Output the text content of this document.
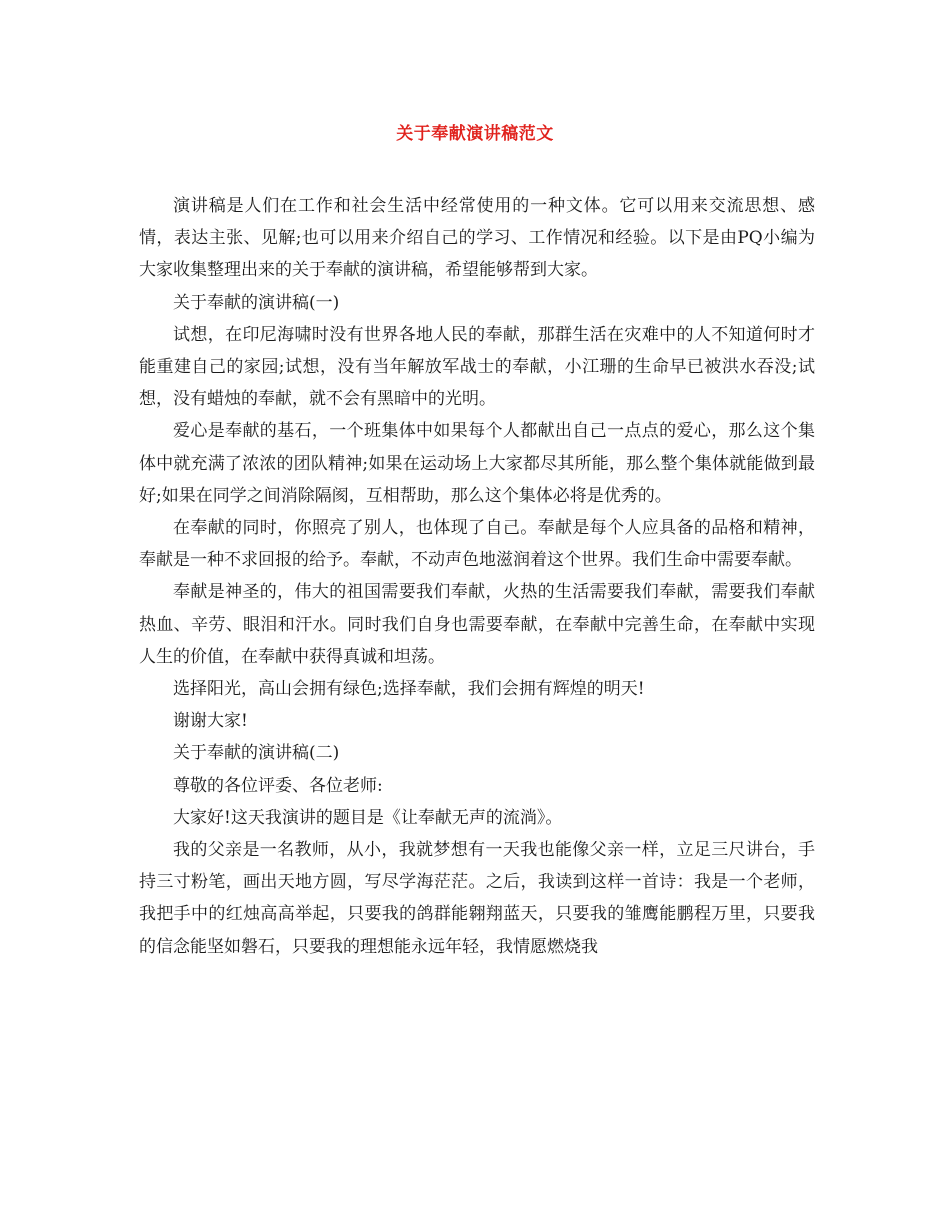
关于奉献演讲稿范文

演讲稿是人们在工作和社会生活中经常使用的一种文体。它可以用来交流思想、感情，表达主张、见解;也可以用来介绍自己的学习、工作情况和经验。以下是由PQ小编为大家收集整理出来的关于奉献的演讲稿，希望能够帮到大家。

关于奉献的演讲稿(一)

试想，在印尼海啸时没有世界各地人民的奉献，那群生活在灾难中的人不知道何时才能重建自己的家园;试想，没有当年解放军战士的奉献，小江珊的生命早已被洪水吞没;试想，没有蜡烛的奉献，就不会有黑暗中的光明。

爱心是奉献的基石，一个班集体中如果每个人都献出自己一点点的爱心，那么这个集体中就充满了浓浓的团队精神;如果在运动场上大家都尽其所能，那么整个集体就能做到最好;如果在同学之间消除隔阂，互相帮助，那么这个集体必将是优秀的。

在奉献的同时，你照亮了别人，也体现了自己。奉献是每个人应具备的品格和精神，奉献是一种不求回报的给予。奉献，不动声色地滋润着这个世界。我们生命中需要奉献。

奉献是神圣的，伟大的祖国需要我们奉献，火热的生活需要我们奉献，需要我们奉献热血、辛劳、眼泪和汗水。同时我们自身也需要奉献，在奉献中完善生命，在奉献中实现人生的价值，在奉献中获得真诚和坦荡。

选择阳光，高山会拥有绿色;选择奉献，我们会拥有辉煌的明天!

谢谢大家!

关于奉献的演讲稿(二)

尊敬的各位评委、各位老师:

大家好!这天我演讲的题目是《让奉献无声的流淌》。

我的父亲是一名教师，从小，我就梦想有一天我也能像父亲一样，立足三尺讲台，手持三寸粉笔，画出天地方圆，写尽学海茫茫。之后，我读到这样一首诗：我是一个老师，我把手中的红烛高高举起，只要我的鸽群能翱翔蓝天，只要我的雏鹰能鹏程万里，只要我的信念能坚如磐石，只要我的理想能永远年轻，我情愿燃烧我
